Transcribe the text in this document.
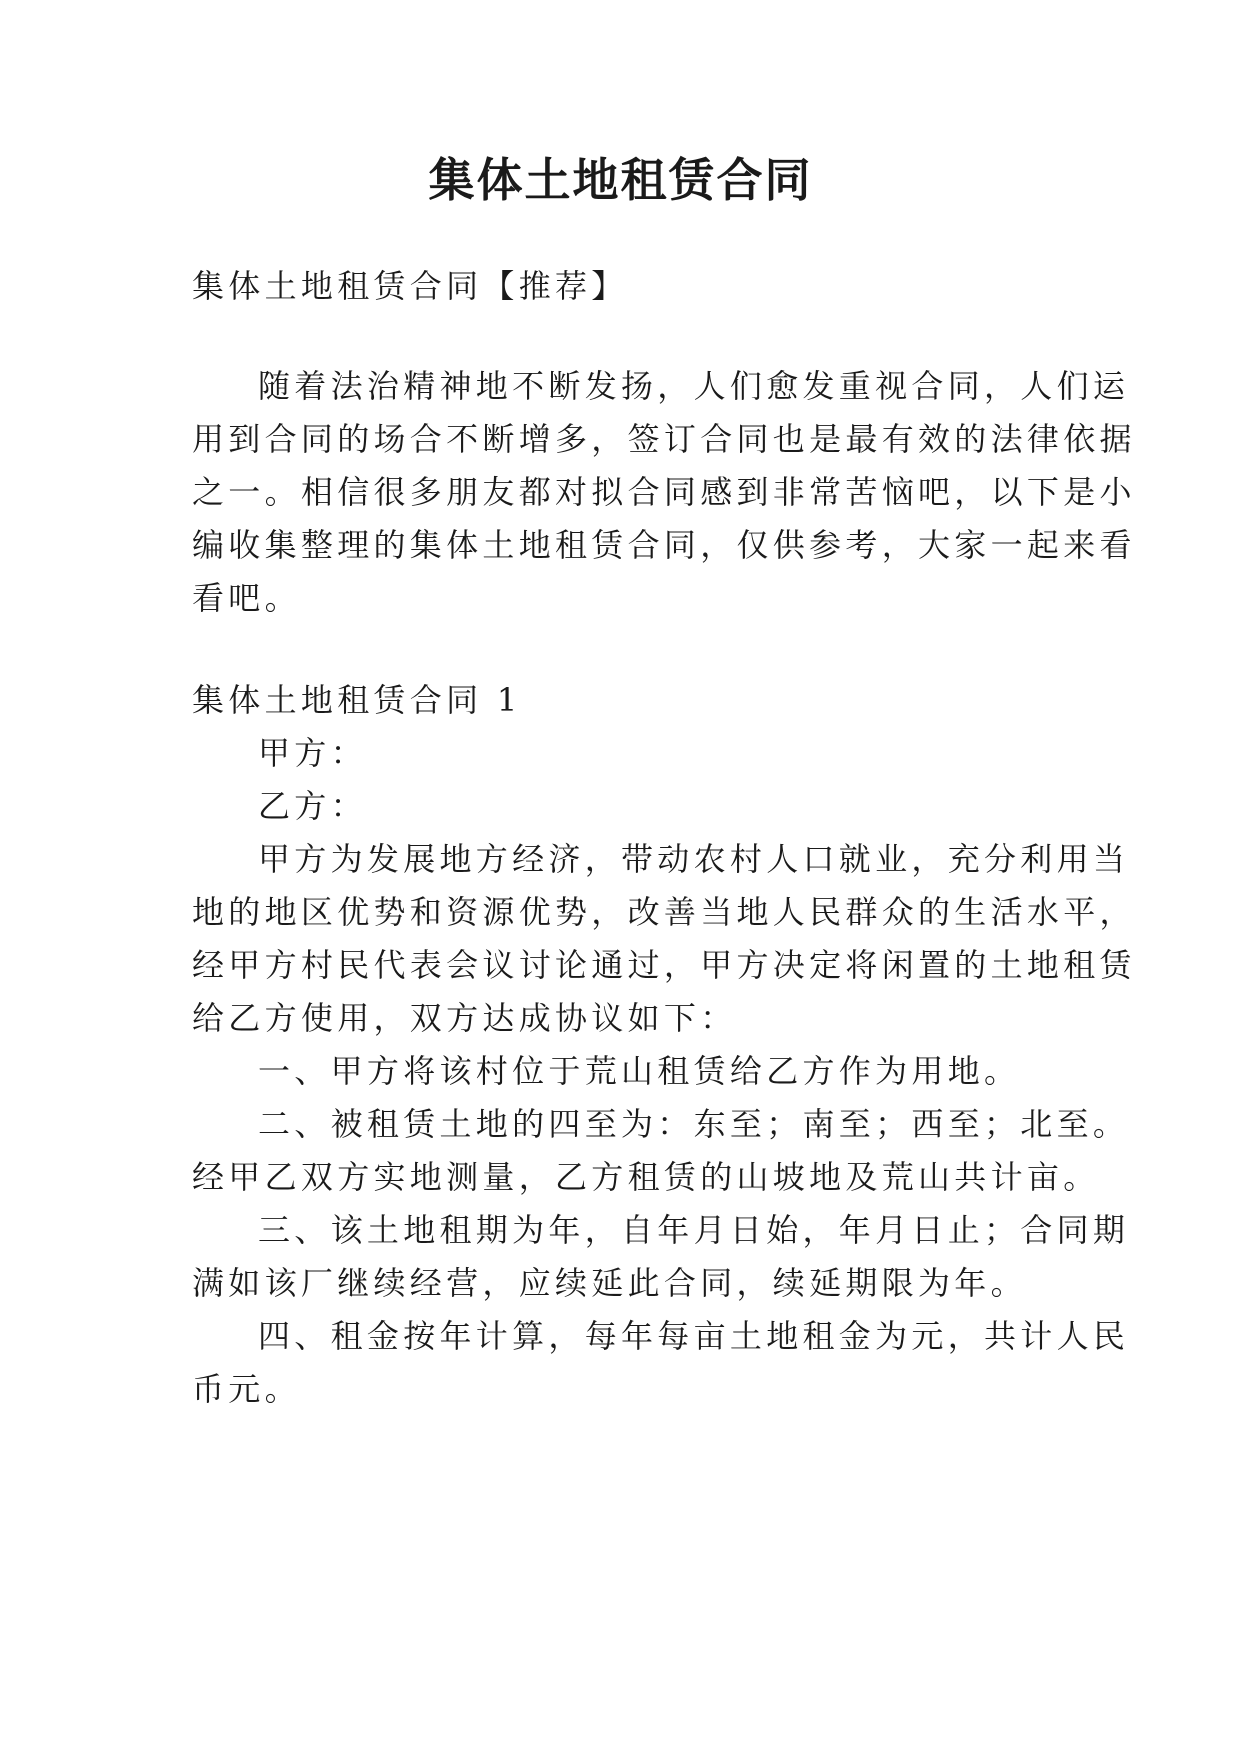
集体土地租赁合同

集体土地租赁合同【推荐】

随着法治精神地不断发扬，人们愈发重视合同，人们运

用到合同的场合不断增多，签订合同也是最有效的法律依据

之一。相信很多朋友都对拟合同感到非常苦恼吧，以下是小

编收集整理的集体土地租赁合同，仅供参考，大家一起来看

看吧。

集体土地租赁合同 1

甲方：

乙方：

甲方为发展地方经济，带动农村人口就业，充分利用当

地的地区优势和资源优势，改善当地人民群众的生活水平，

经甲方村民代表会议讨论通过，甲方决定将闲置的土地租赁

给乙方使用，双方达成协议如下：

一、甲方将该村位于荒山租赁给乙方作为用地。

二、被租赁土地的四至为：东至；南至；西至；北至。

经甲乙双方实地测量，乙方租赁的山坡地及荒山共计亩。

三、该土地租期为年，自年月日始，年月日止；合同期

满如该厂继续经营，应续延此合同，续延期限为年。

四、租金按年计算，每年每亩土地租金为元，共计人民

币元。
